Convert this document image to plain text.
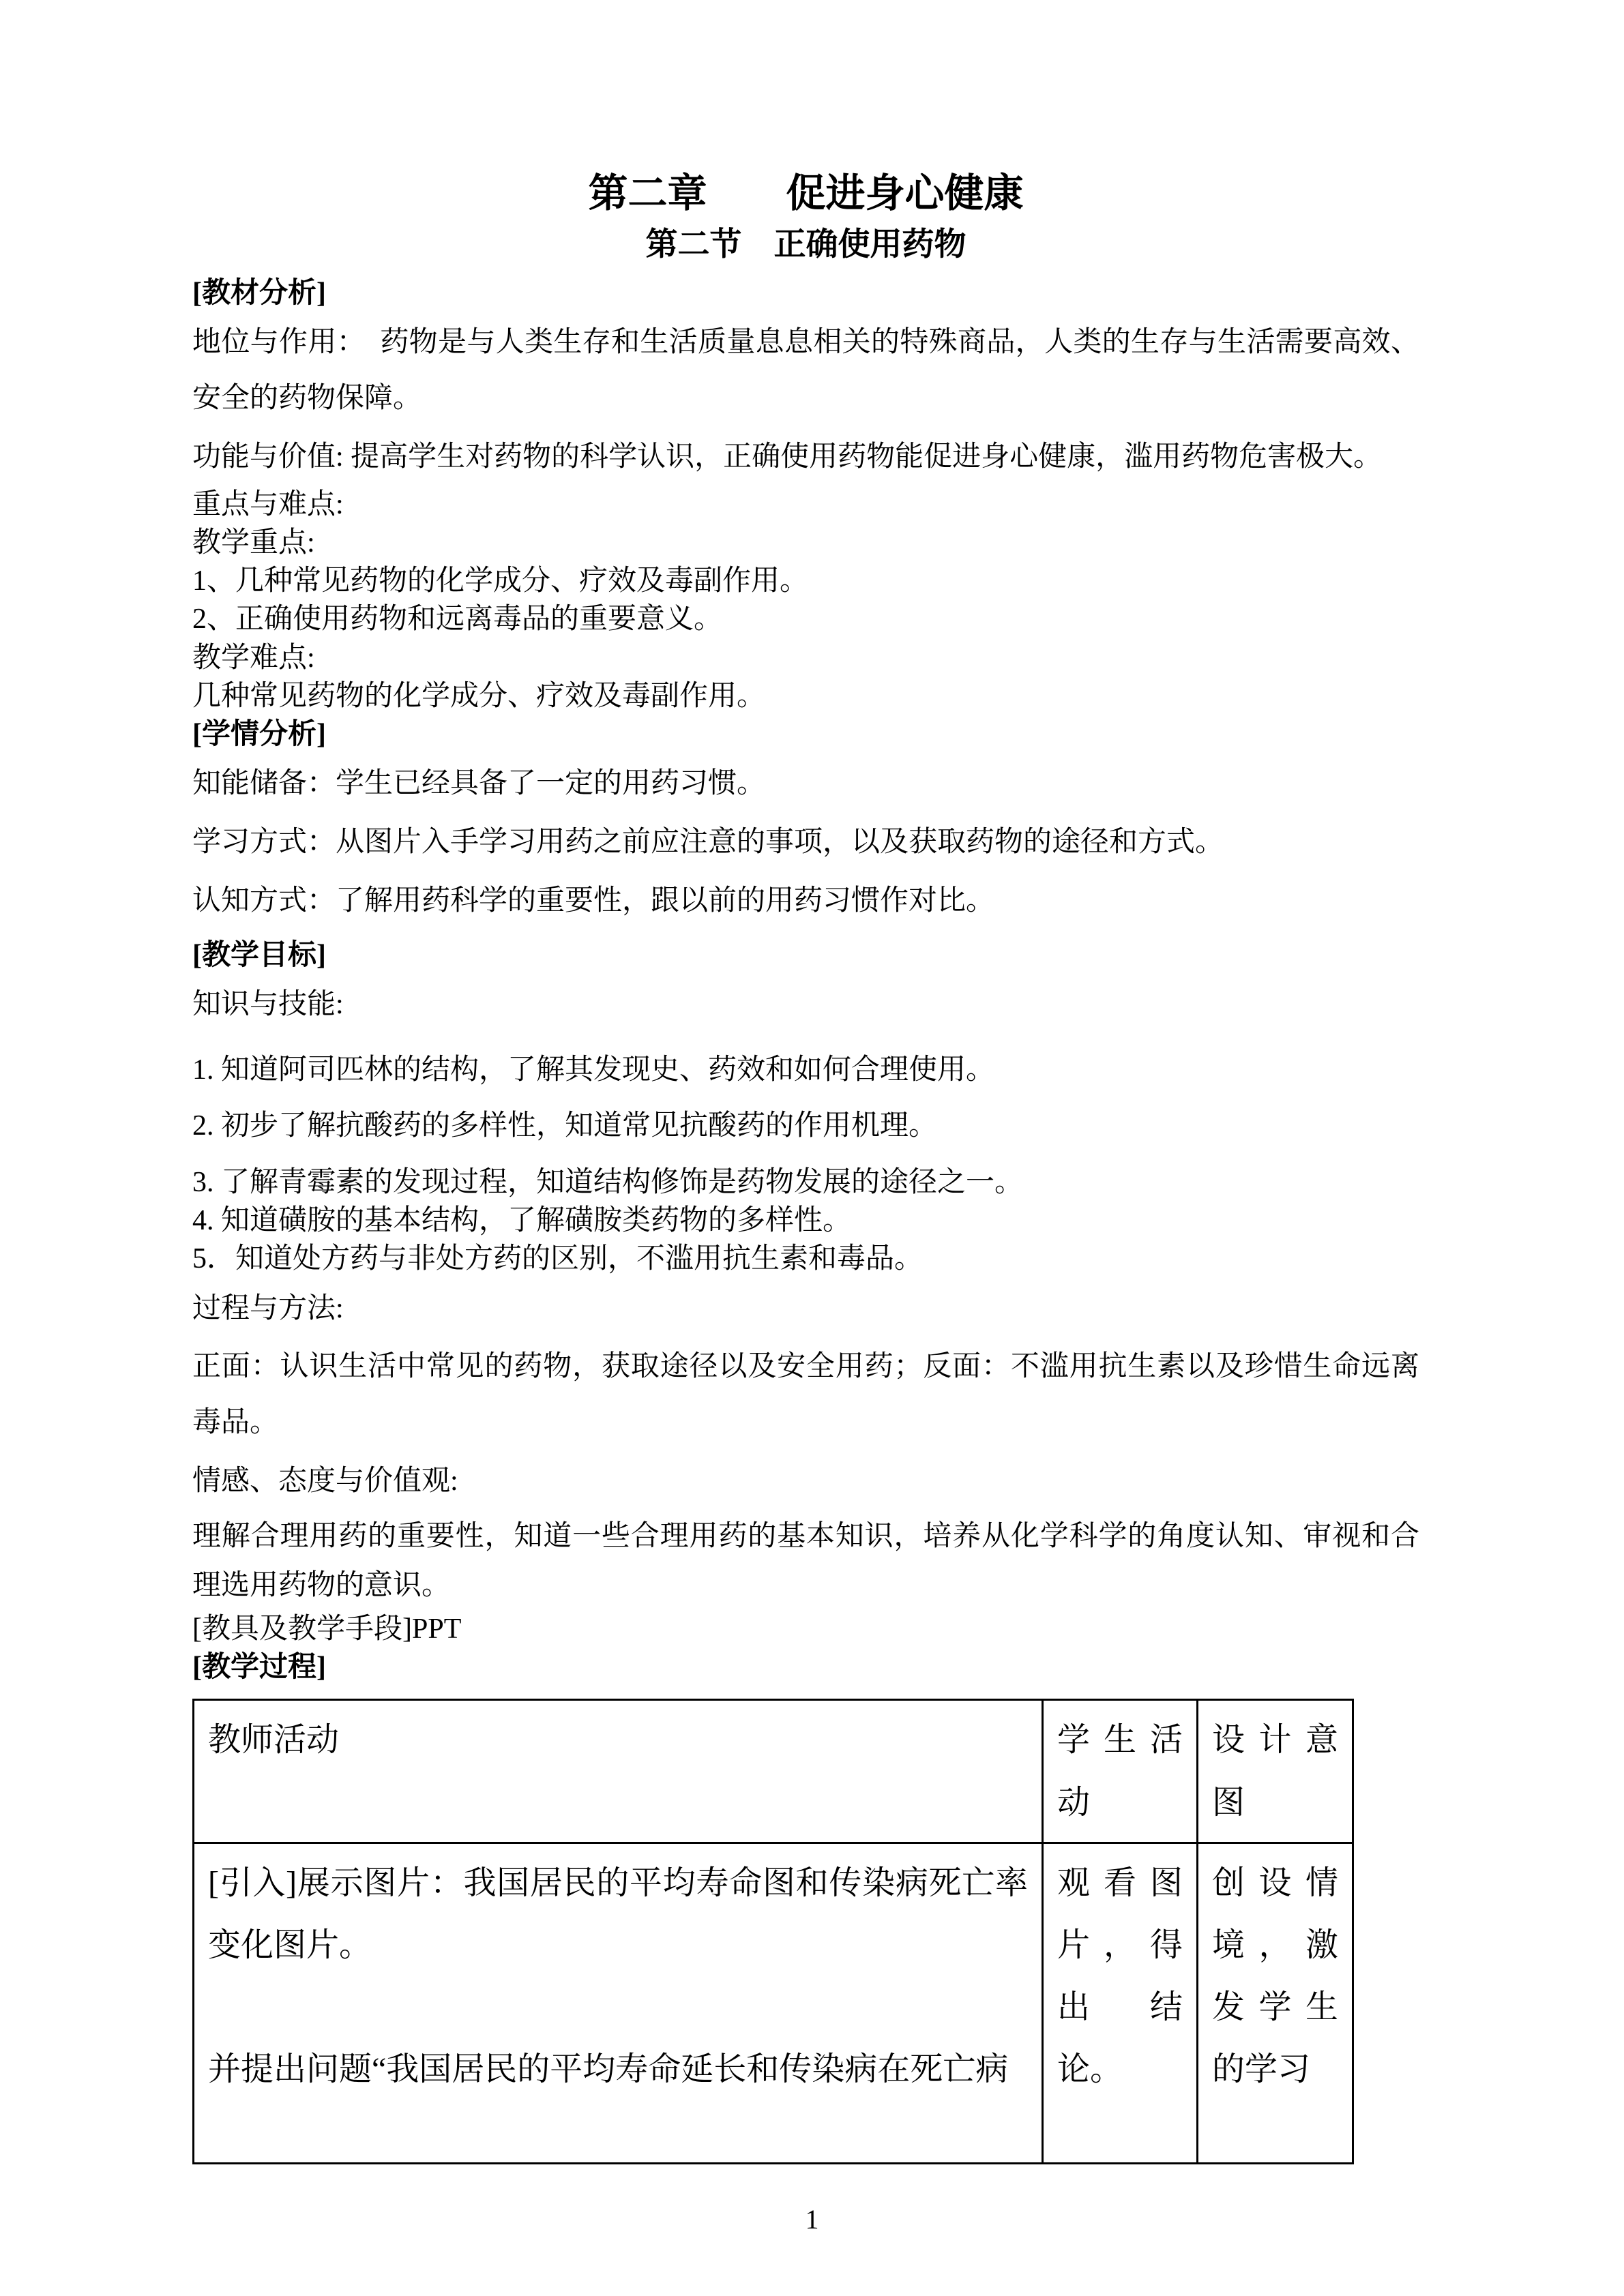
第二章　　促进身心健康
第二节　正确使用药物
[教材分析]
地位与作用：　药物是与人类生存和生活质量息息相关的特殊商品，人类的生存与生活需要高效、安全的药物保障。
功能与价值: 提高学生对药物的科学认识，正确使用药物能促进身心健康，滥用药物危害极大。
重点与难点:
教学重点:
1、几种常见药物的化学成分、疗效及毒副作用。
2、正确使用药物和远离毒品的重要意义。
教学难点:
几种常见药物的化学成分、疗效及毒副作用。
[学情分析]
知能储备：学生已经具备了一定的用药习惯。
学习方式：从图片入手学习用药之前应注意的事项，以及获取药物的途径和方式。
认知方式：了解用药科学的重要性，跟以前的用药习惯作对比。
[教学目标]
知识与技能:
1. 知道阿司匹林的结构，了解其发现史、药效和如何合理使用。
2. 初步了解抗酸药的多样性，知道常见抗酸药的作用机理。
3. 了解青霉素的发现过程，知道结构修饰是药物发展的途径之一。
4. 知道磺胺的基本结构，了解磺胺类药物的多样性。
5．知道处方药与非处方药的区别，不滥用抗生素和毒品。
过程与方法:
正面：认识生活中常见的药物，获取途径以及安全用药；反面：不滥用抗生素以及珍惜生命远离毒品。
情感、态度与价值观:
理解合理用药的重要性，知道一些合理用药的基本知识，培养从化学科学的角度认知、审视和合理选用药物的意识。
[教具及教学手段]PPT
[教学过程]
教师活动	学生活动	设计意图

[引入]展示图片：我国居民的平均寿命图和传染病死亡率变化图片。
并提出问题“我国居民的平均寿命延长和传染病在死亡病	观看图片，得出结论。	创设情境，激发学生的学习
1
